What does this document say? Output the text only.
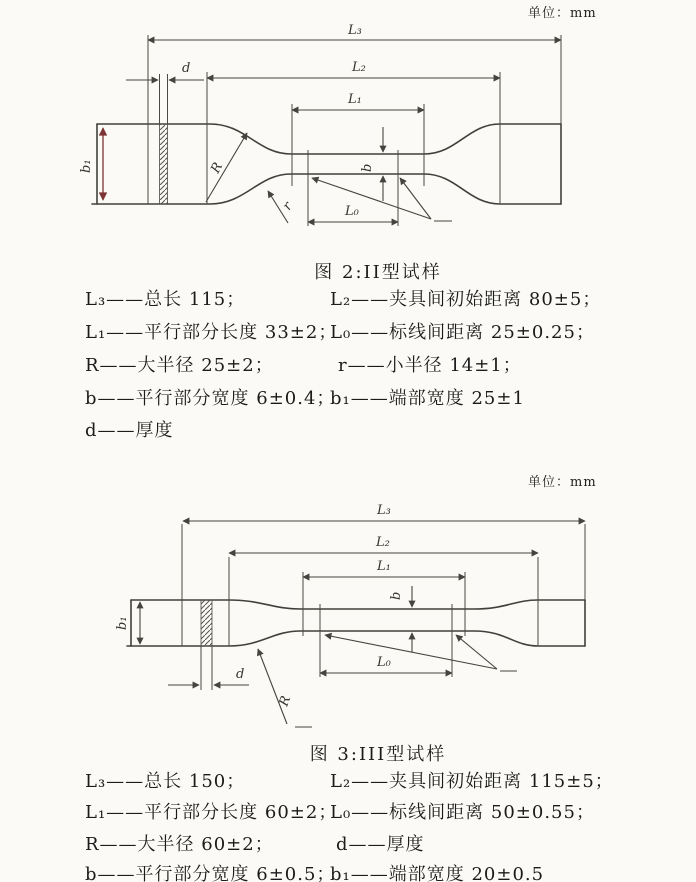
单位：mm
L₃
L₂
d
L₁
L₀
b
b₁	R
r
图 2:II型试样
L₃——总长 115；	L₂——夹具间初始距离 80±5；
L₁——平行部分长度 33±2；
L₀——标线间距离 25±0.25；
R——大半径 25±2；	r——小半径 14±1；
b——平行部分宽度 6±0.4；
b₁——端部宽度 25±1
d——厚度
单位：mm
L₃
L₂
L₁
L₀
b
b₁
d
R
图 3:III型试样
L₃——总长 150；	L₂——夹具间初始距离 115±5；
L₁——平行部分长度 60±2；
L₀——标线间距离 50±0.55；
R——大半径 60±2；	d——厚度
b——平行部分宽度 6±0.5；
b₁——端部宽度 20±0.5
